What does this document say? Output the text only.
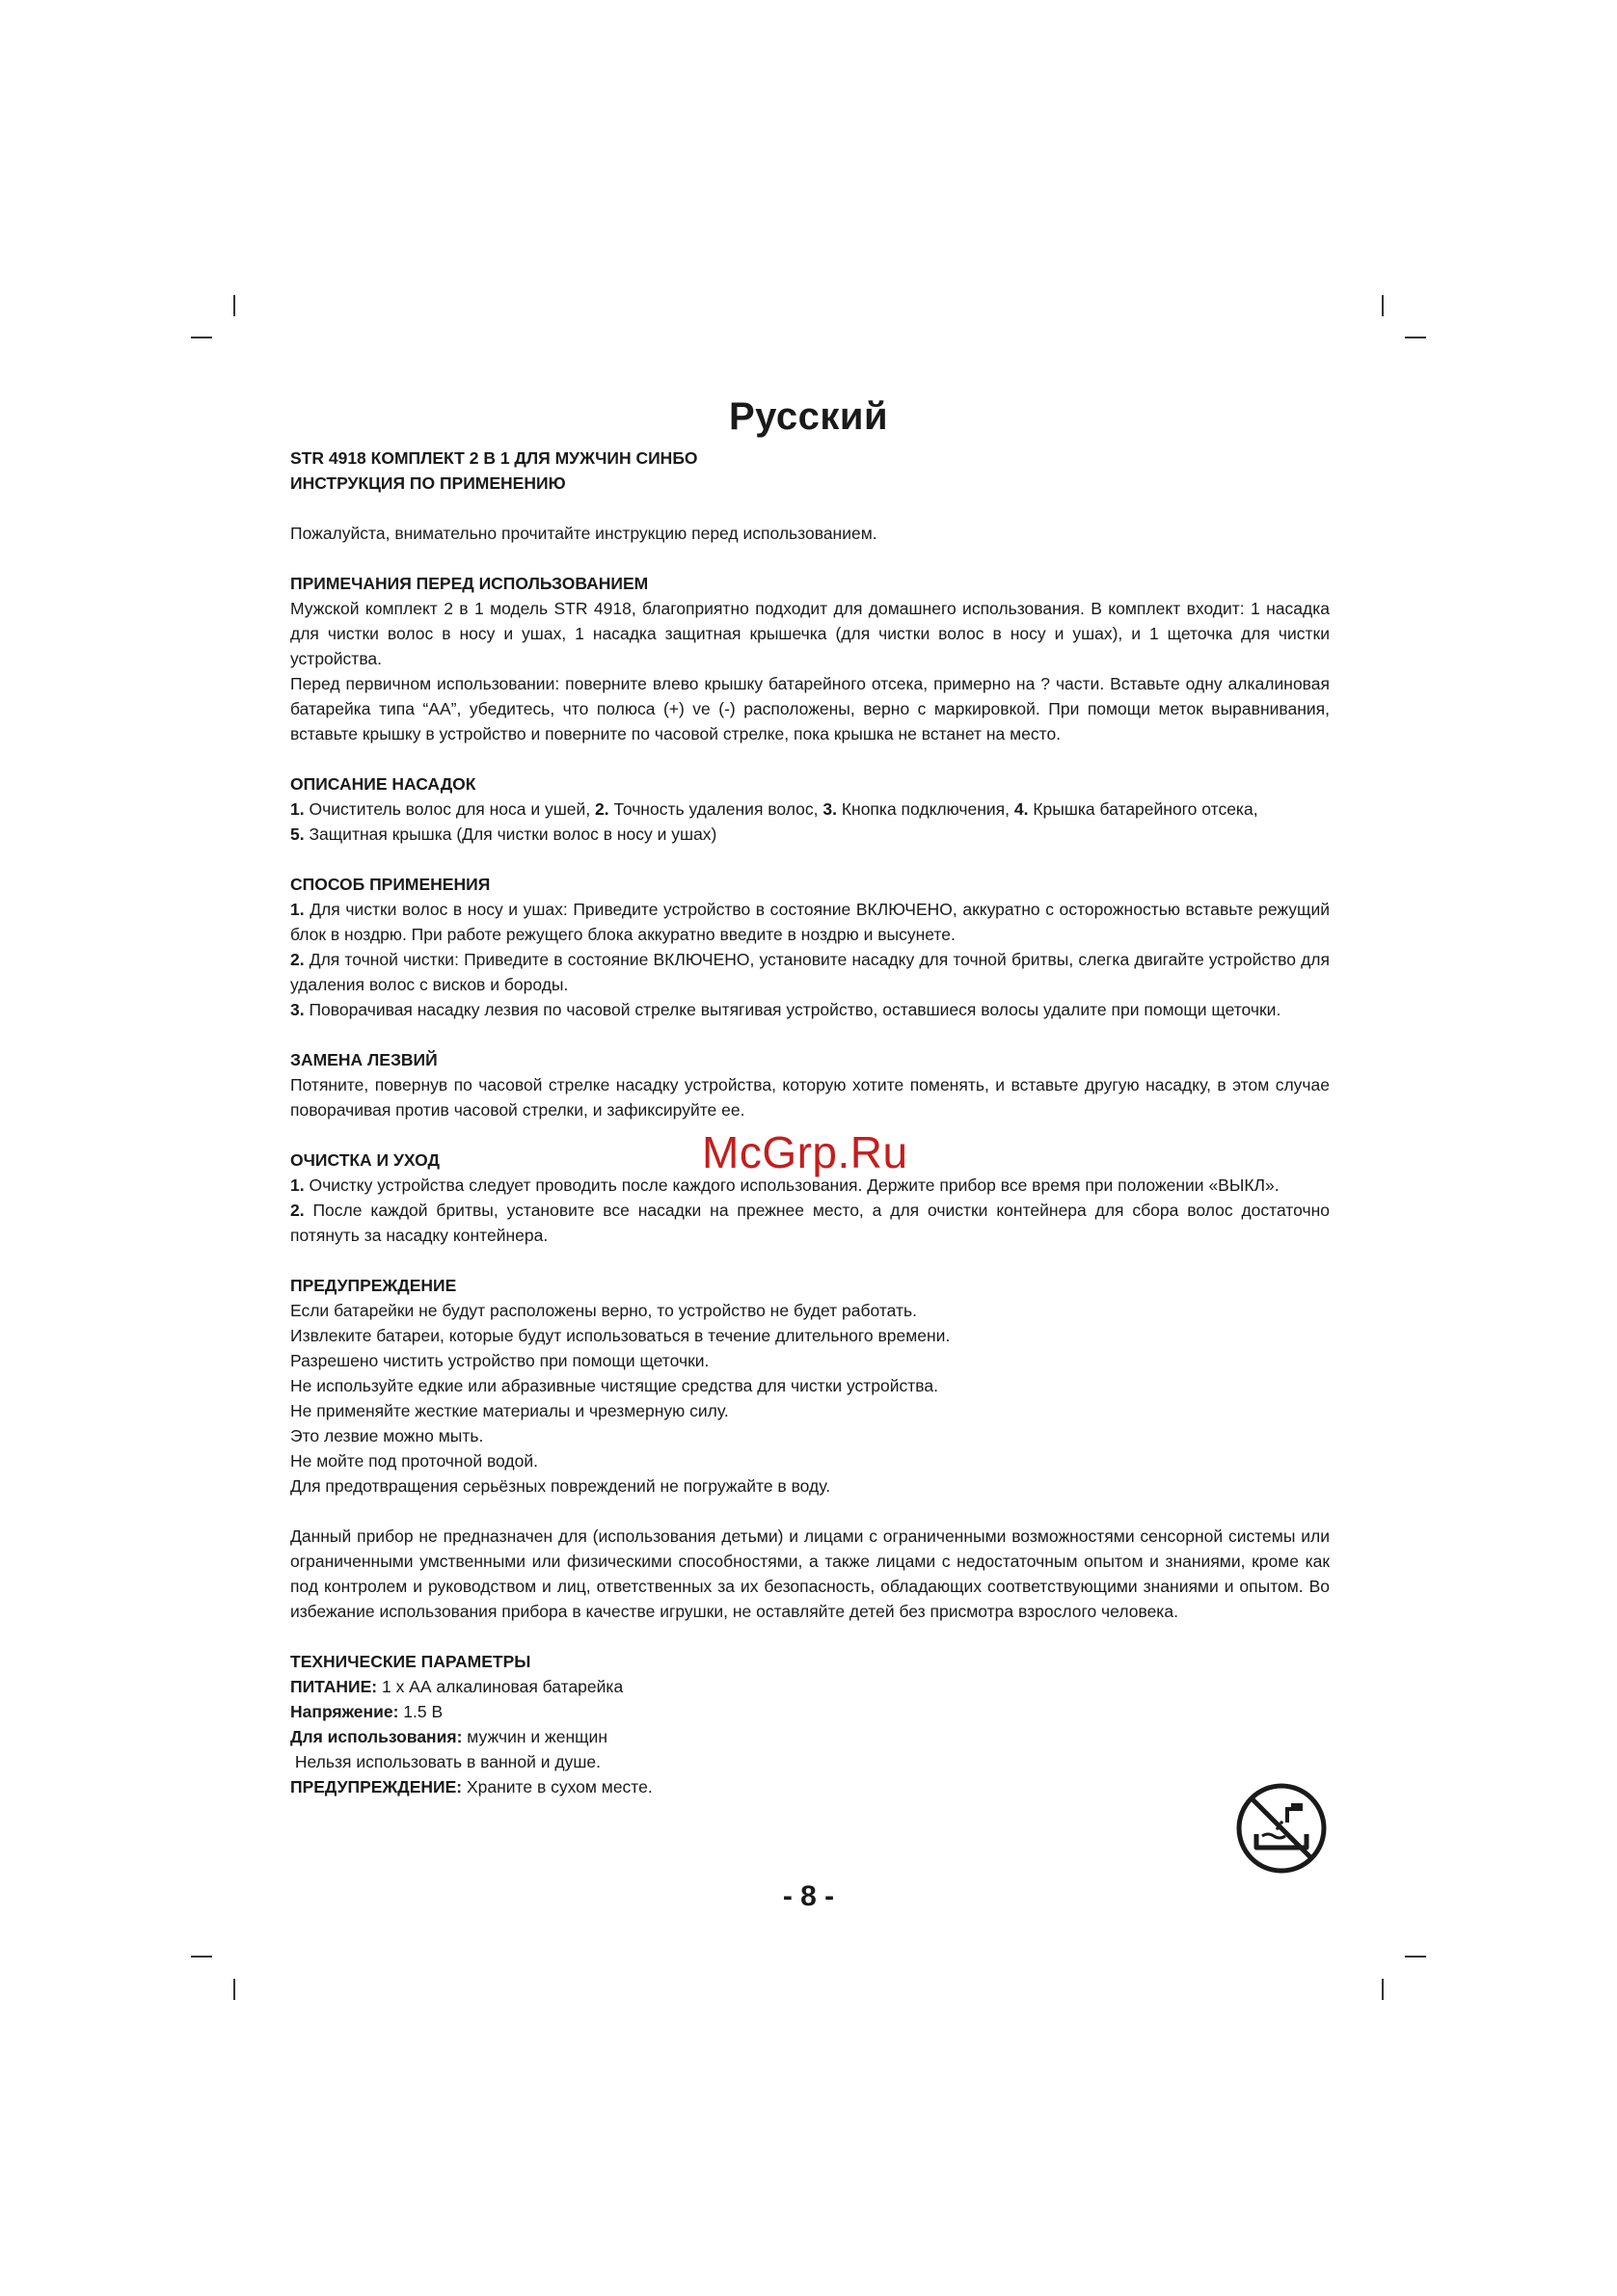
Русский
STR 4918 КОМПЛЕКТ 2 В 1 ДЛЯ МУЖЧИН СИНБО
ИНСТРУКЦИЯ ПО ПРИМЕНЕНИЮ
Пожалуйста, внимательно прочитайте инструкцию перед использованием.
ПРИМЕЧАНИЯ ПЕРЕД ИСПОЛЬЗОВАНИЕМ
Мужской комплект 2 в 1 модель STR 4918, благоприятно подходит для домашнего использования. В комплект входит: 1 насадка для чистки волос в носу и ушах, 1 насадка защитная крышечка (для чистки волос в носу и ушах), и 1 щеточка для чистки устройства.
Перед первичном использовании: поверните влево крышку батарейного отсека, примерно на ? части. Вставьте одну алкалиновая батарейка типа “АА”, убедитесь, что полюса (+) ve (-) расположены, верно с маркировкой. При помощи меток выравнивания, вставьте крышку в устройство и поверните по часовой стрелке, пока крышка не встанет на место.
ОПИСАНИЕ НАСАДОК
1. Очиститель волос для носа и ушей, 2. Точность удаления волос, 3. Кнопка подключения, 4. Крышка батарейного отсека,
5. Защитная крышка (Для чистки волос в носу и ушах)
СПОСОБ ПРИМЕНЕНИЯ
1. Для чистки волос в носу и ушах: Приведите устройство в состояние ВКЛЮЧЕНО, аккуратно с осторожностью вставьте режущий блок в ноздрю. При работе режущего блока аккуратно введите в ноздрю и высунете.
2. Для точной чистки: Приведите в состояние ВКЛЮЧЕНО, установите насадку для точной бритвы, слегка двигайте устройство для удаления волос с висков и бороды.
3. Поворачивая насадку лезвия по часовой стрелке вытягивая устройство, оставшиеся волосы удалите при помощи щеточки.
ЗАМЕНА ЛЕЗВИЙ
Потяните, повернув по часовой стрелке насадку устройства, которую хотите поменять, и вставьте другую насадку, в этом случае поворачивая против часовой стрелки, и зафиксируйте ее.
ОЧИСТКА И УХОД
1. Очистку устройства следует проводить после каждого использования. Держите прибор все время при положении «ВЫКЛ».
2. После каждой бритвы, установите все насадки на прежнее место, а для очистки контейнера для сбора волос достаточно потянуть за насадку контейнера.
ПРЕДУПРЕЖДЕНИЕ
Если батарейки не будут расположены верно, то устройство не будет работать.
Извлеките батареи, которые будут использоваться в течение длительного времени.
Разрешено чистить устройство при помощи щеточки.
Не используйте едкие или абразивные чистящие средства для чистки устройства.
Не применяйте жесткие материалы и чрезмерную силу.
Это лезвие можно мыть.
Не мойте под проточной водой.
Для предотвращения серьёзных повреждений не погружайте в воду.
Данный прибор не предназначен для (использования детьми) и лицами с ограниченными возможностями сенсорной системы или ограниченными умственными или физическими способностями, а также лицами с недостаточным опытом и знаниями, кроме как под контролем и руководством и лиц, ответственных за их безопасность, обладающих соответствующими знаниями и опытом. Во избежание использования прибора в качестве игрушки, не оставляйте детей без присмотра взрослого человека.
ТЕХНИЧЕСКИЕ ПАРАМЕТРЫ
ПИТАНИЕ: 1 х АА алкалиновая батарейка
Напряжение: 1.5 В
Для использования: мужчин и женщин
Нельзя использовать в ванной и душе.
ПРЕДУПРЕЖДЕНИЕ: Храните в сухом месте.
McGrp.Ru
- 8 -
